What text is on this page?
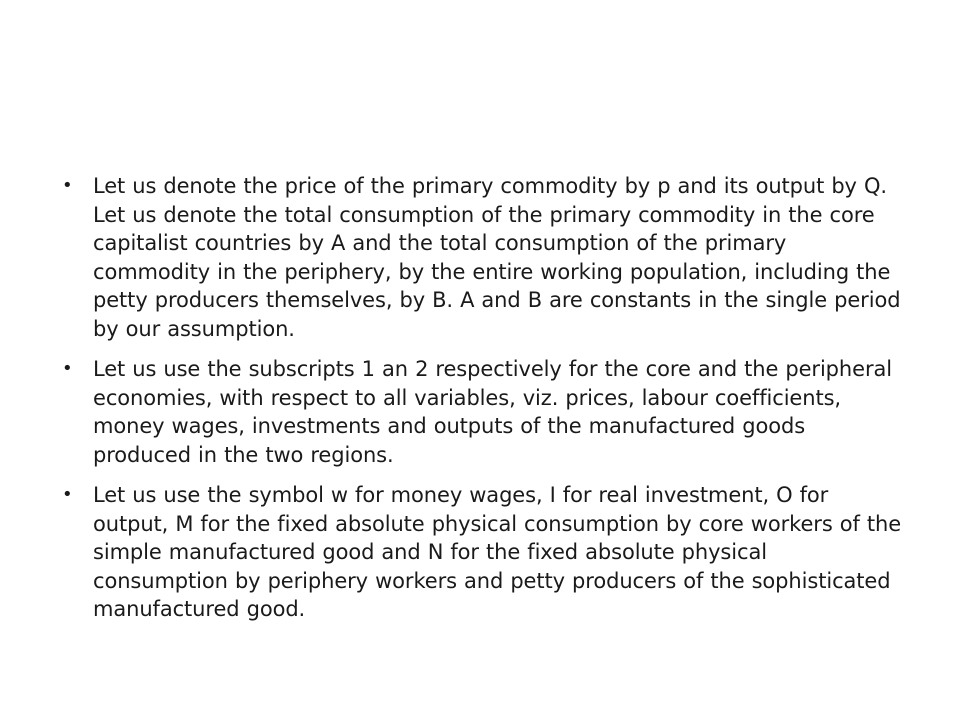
• Let us denote the price of the primary commodity by p and its output by Q. Let us denote the total consumption of the primary commodity in the core capitalist countries by A and the total consumption of the primary commodity in the periphery, by the entire working population, including the petty producers themselves, by B. A and B are constants in the single period by our assumption.
• Let us use the subscripts 1 an 2 respectively for the core and the peripheral economies, with respect to all variables, viz. prices, labour coefficients, money wages, investments and outputs of the manufactured goods produced in the two regions.
• Let us use the symbol w for money wages, I for real investment, O for output, M for the fixed absolute physical consumption by core workers of the simple manufactured good and N for the fixed absolute physical consumption by periphery workers and petty producers of the sophisticated manufactured good.
